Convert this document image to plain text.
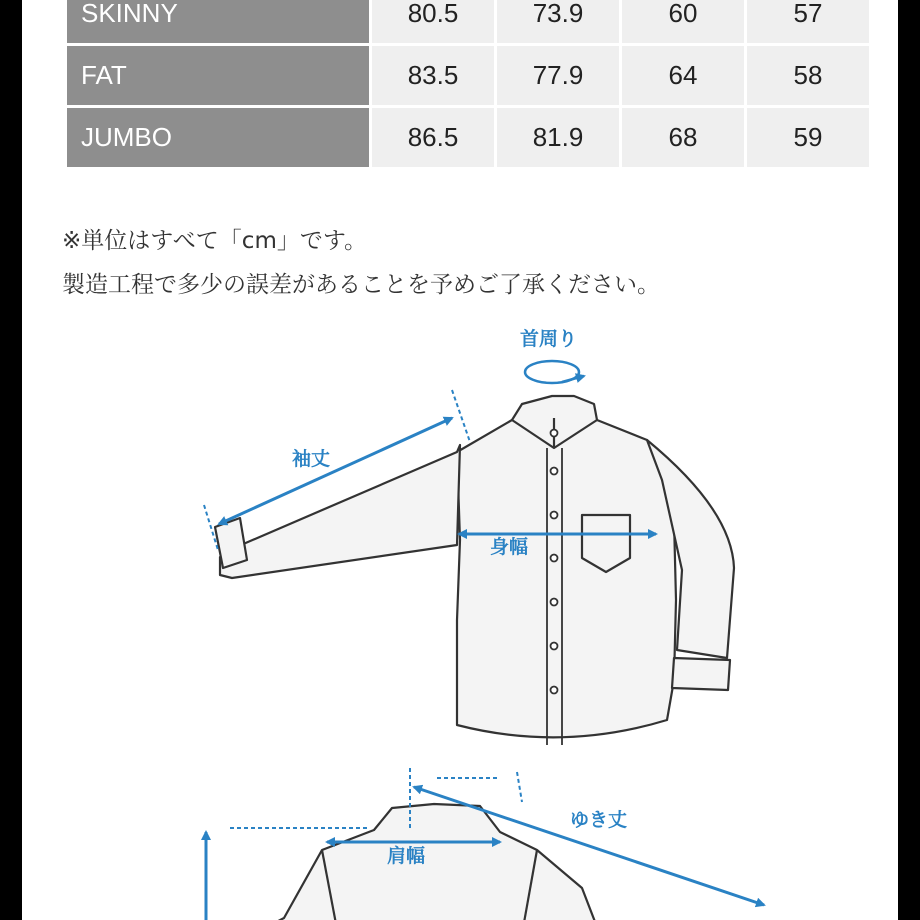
SKINNY	80.5	73.9	60	57
FAT	83.5	77.9	64	58
JUMBO	86.5	81.9	68	59

※単位はすべて「cm」です。

製造工程で多少の誤差があることを予めご了承ください。

首周り
袖丈
身幅
ゆき丈
肩幅
